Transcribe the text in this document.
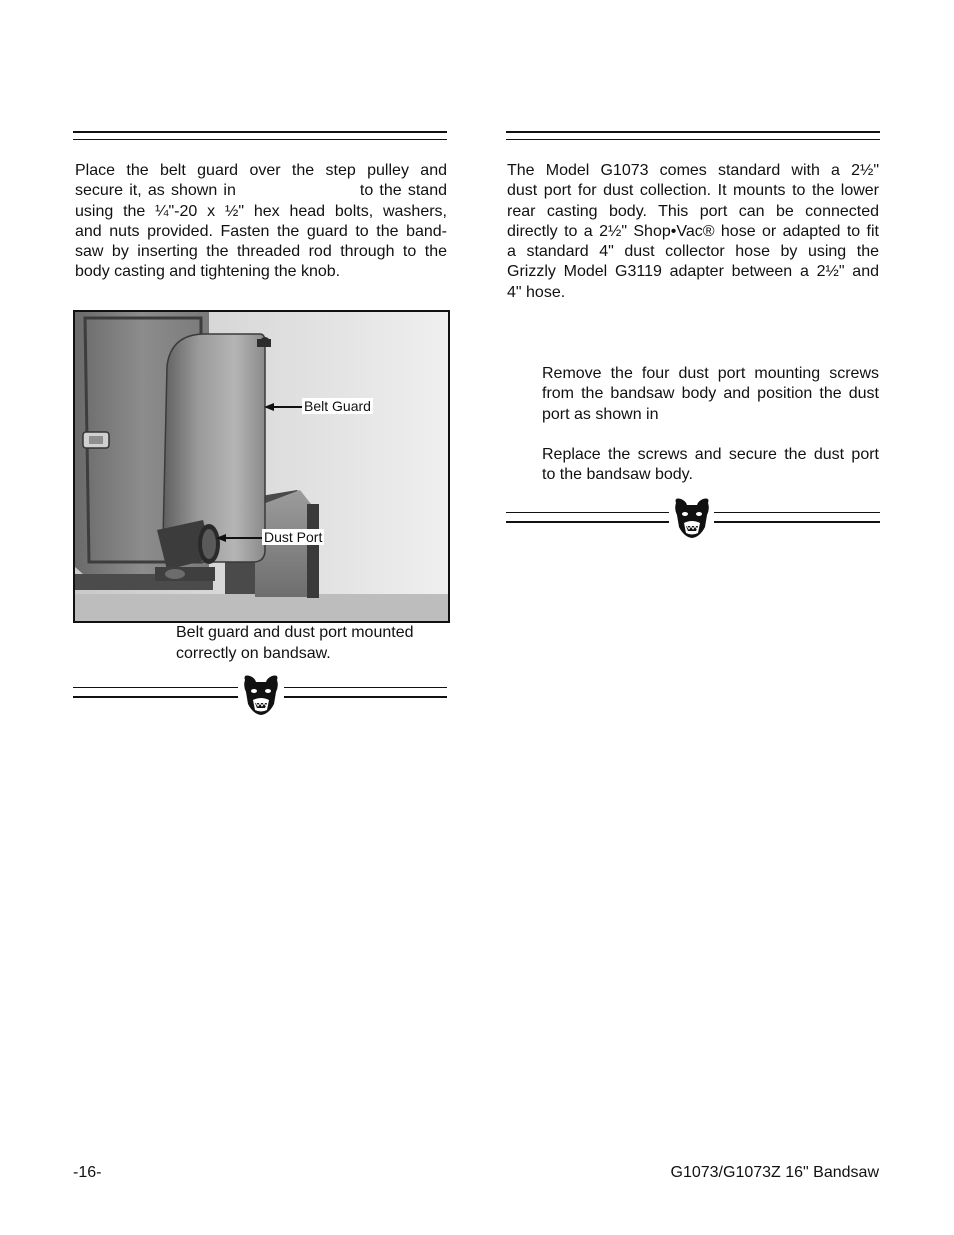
Place the belt guard over the step pulley and
secure it, as shown in                    to the stand
using the ¼"-20 x ½" hex head bolts, washers,
and nuts provided. Fasten the guard to the band-
saw by inserting the threaded rod through to the
body casting and tightening the knob.
Belt Guard
Dust Port
Belt guard and dust port mounted
correctly on bandsaw.
The Model G1073 comes standard with a 2½"
dust port for dust collection. It mounts to the lower
rear casting body. This port can be connected
directly to a 2½" Shop•Vac® hose or adapted to fit
a standard 4" dust collector hose by using the
Grizzly Model G3119 adapter between a 2½" and
4" hose.
Remove the four dust port mounting screws
from the bandsaw body and position the dust
port as shown in
Replace the screws and secure the dust port
to the bandsaw body.
-16-	G1073/G1073Z 16" Bandsaw
